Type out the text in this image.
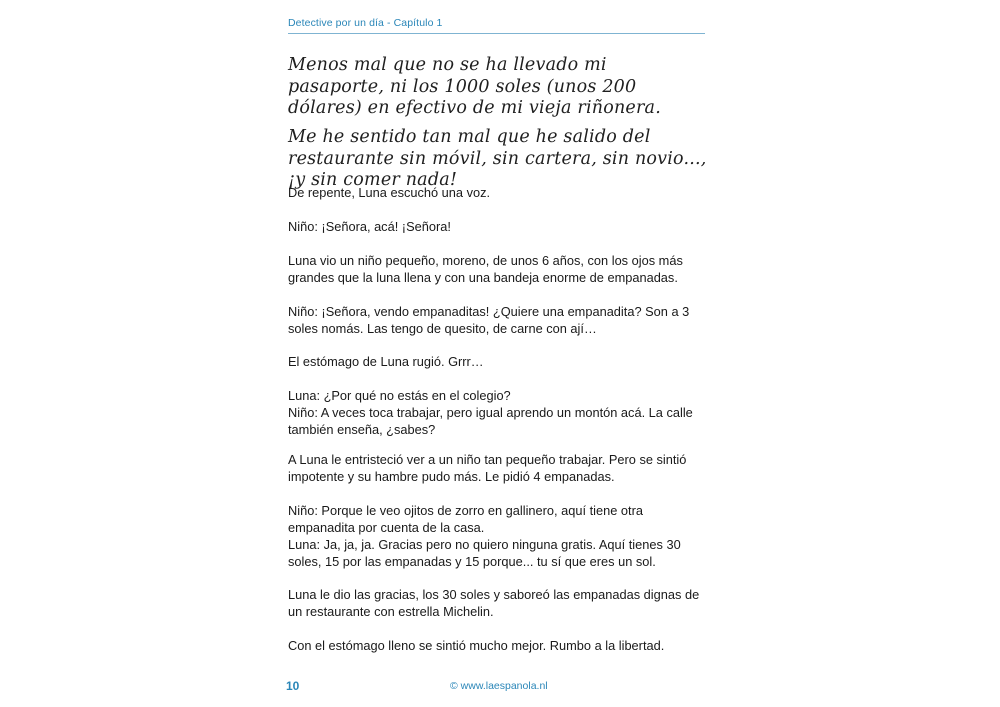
Detective por un día - Capítulo 1

Menos mal que no se ha llevado mi pasaporte, ni los 1000 soles (unos 200 dólares) en efectivo de mi vieja riñonera.

Me he sentido tan mal que he salido del restaurante sin móvil, sin cartera, sin novio..., ¡y sin comer nada!

De repente, Luna escuchó una voz.

Niño: ¡Señora, acá! ¡Señora!

Luna vio un niño pequeño, moreno, de unos 6 años, con los ojos más grandes que la luna llena y con una bandeja enorme de empanadas.

Niño: ¡Señora, vendo empanaditas! ¿Quiere una empanadita? Son a 3 soles nomás. Las tengo de quesito, de carne con ají…

El estómago de Luna rugió. Grrr…

Luna: ¿Por qué no estás en el colegio?
Niño: A veces toca trabajar, pero igual aprendo un montón acá. La calle también enseña, ¿sabes?

A Luna le entristeció ver a un niño tan pequeño trabajar. Pero se sintió impotente y su hambre pudo más. Le pidió 4 empanadas.

Niño: Porque le veo ojitos de zorro en gallinero, aquí tiene otra empanadita por cuenta de la casa.
Luna: Ja, ja, ja. Gracias pero no quiero ninguna gratis. Aquí tienes 30 soles, 15 por las empanadas y 15 porque... tu sí que eres un sol.

Luna le dio las gracias, los 30 soles y saboreó las empanadas dignas de un restaurante con estrella Michelin.

Con el estómago lleno se sintió mucho mejor. Rumbo a la libertad.

10	© www.laespanola.nl
